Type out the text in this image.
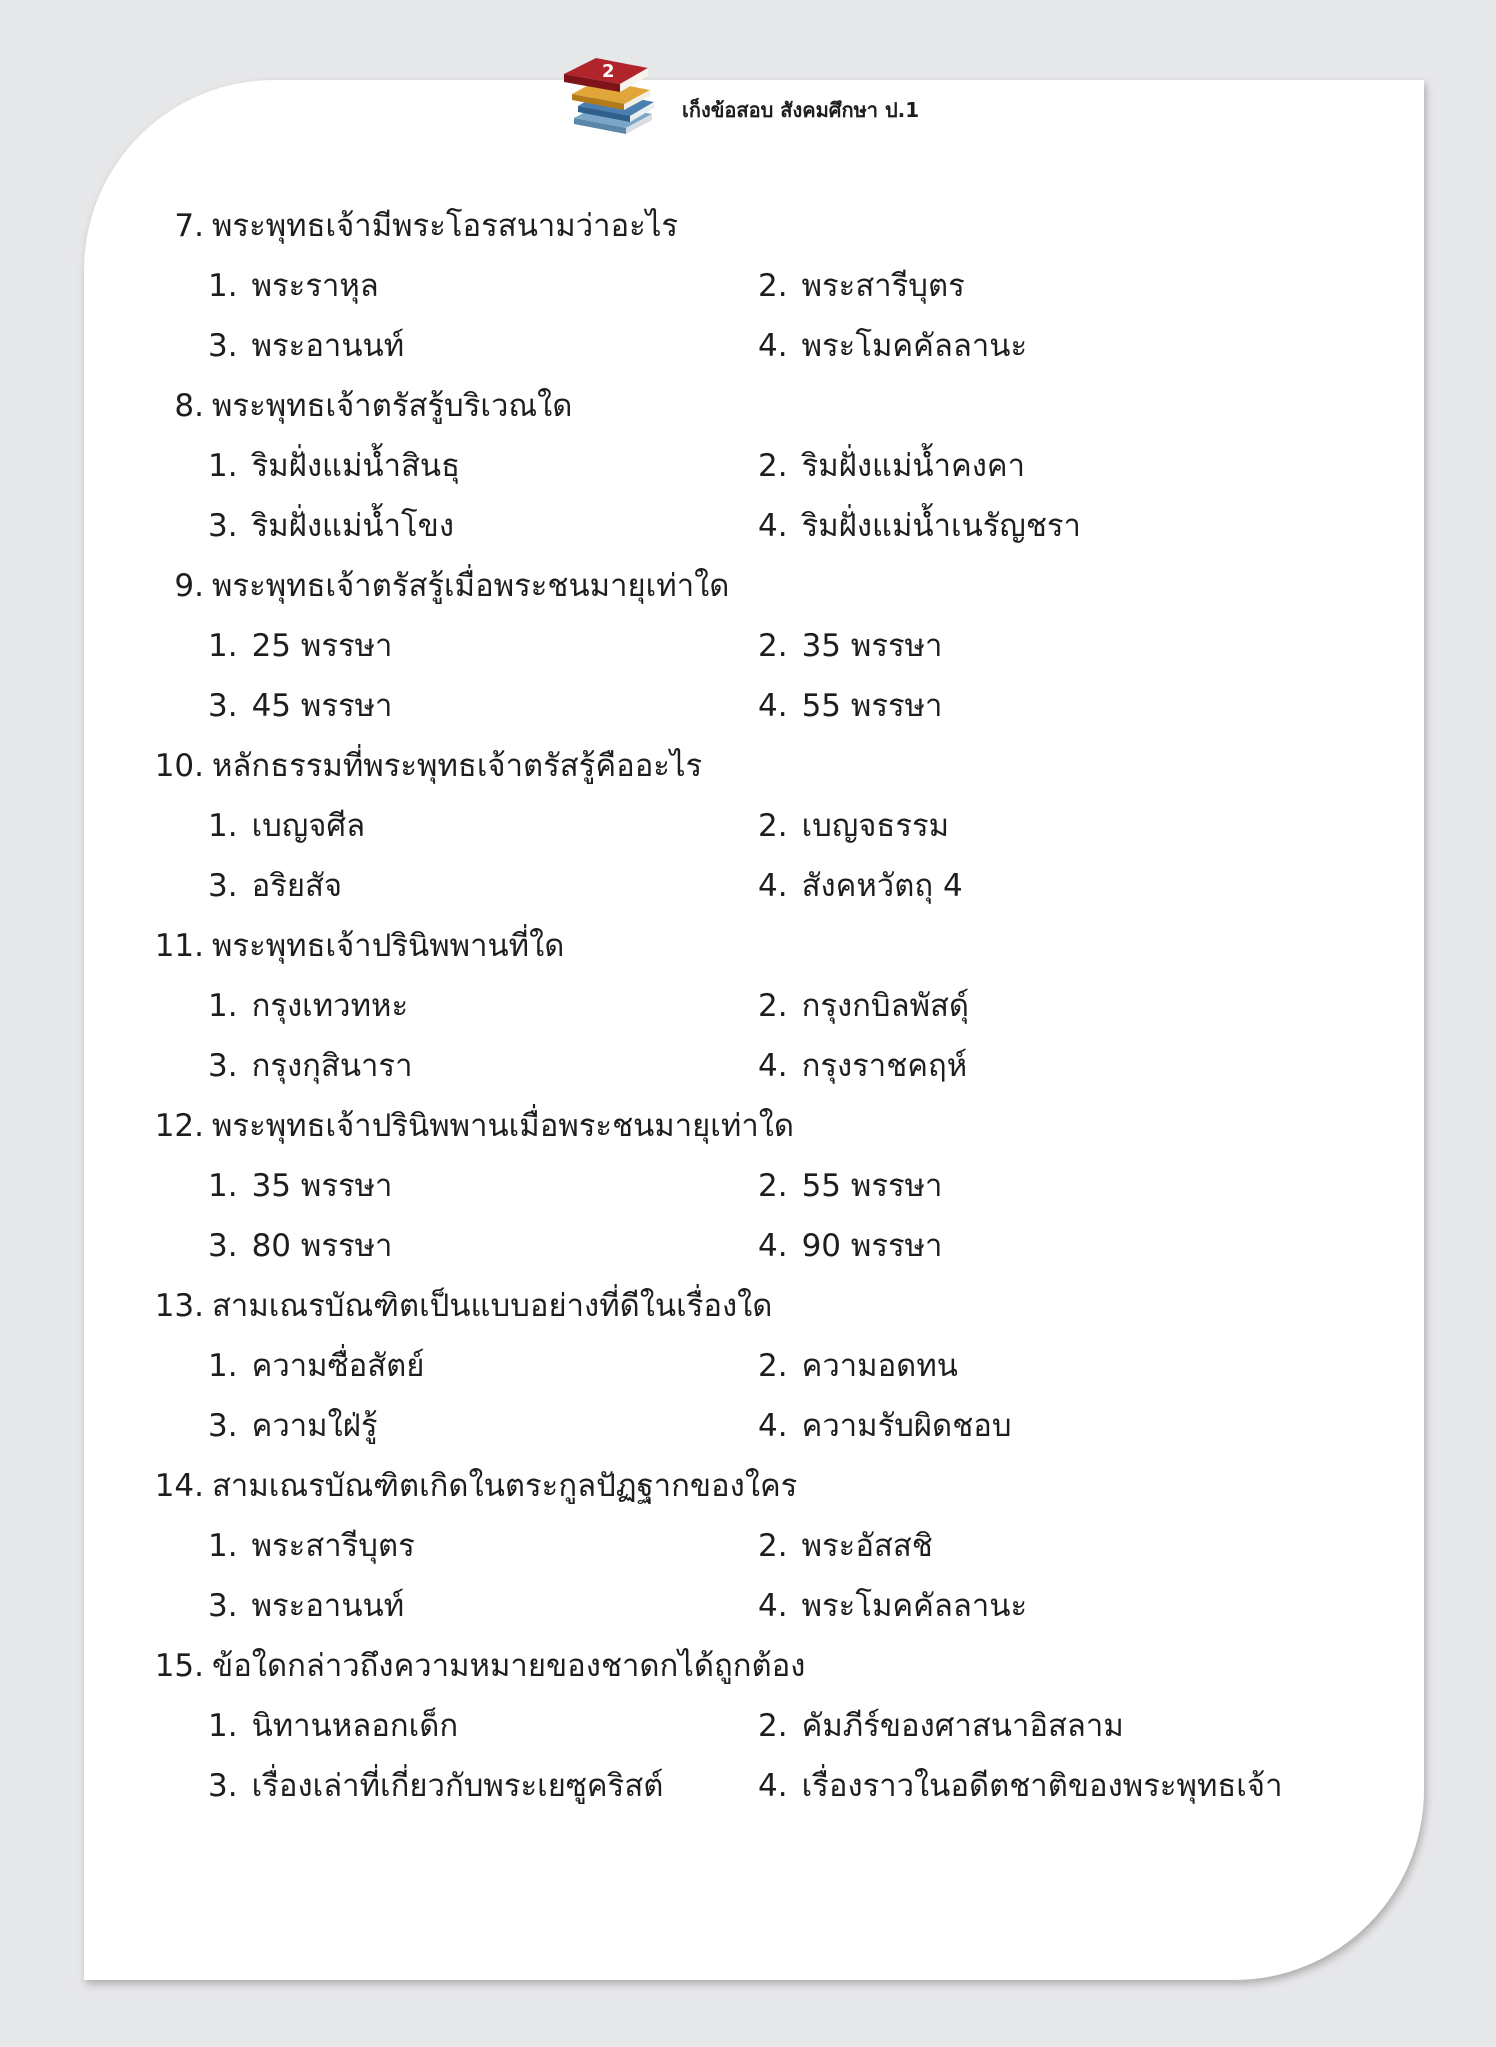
2
เก็งข้อสอบ สังคมศึกษา ป.1
7. พระพุทธเจ้ามีพระโอรสนามว่าอะไร
1. พระราหุล	2. พระสารีบุตร
3. พระอานนท์	4. พระโมคคัลลานะ
8. พระพุทธเจ้าตรัสรู้บริเวณใด
1. ริมฝั่งแม่น้ำสินธุ	2. ริมฝั่งแม่น้ำคงคา
3. ริมฝั่งแม่น้ำโขง	4. ริมฝั่งแม่น้ำเนรัญชรา
9. พระพุทธเจ้าตรัสรู้เมื่อพระชนมายุเท่าใด
1. 25 พรรษา	2. 35 พรรษา
3. 45 พรรษา	4. 55 พรรษา
10. หลักธรรมที่พระพุทธเจ้าตรัสรู้คืออะไร
1. เบญจศีล	2. เบญจธรรม
3. อริยสัจ	4. สังคหวัตถุ 4
11. พระพุทธเจ้าปรินิพพานที่ใด
1. กรุงเทวทหะ	2. กรุงกบิลพัสดุ์
3. กรุงกุสินารา	4. กรุงราชคฤห์
12. พระพุทธเจ้าปรินิพพานเมื่อพระชนมายุเท่าใด
1. 35 พรรษา	2. 55 พรรษา
3. 80 พรรษา	4. 90 พรรษา
13. สามเณรบัณฑิตเป็นแบบอย่างที่ดีในเรื่องใด
1. ความซื่อสัตย์	2. ความอดทน
3. ความใฝ่รู้	4. ความรับผิดชอบ
14. สามเณรบัณฑิตเกิดในตระกูลปัฏฐากของใคร
1. พระสารีบุตร	2. พระอัสสชิ
3. พระอานนท์	4. พระโมคคัลลานะ
15. ข้อใดกล่าวถึงความหมายของชาดกได้ถูกต้อง
1. นิทานหลอกเด็ก	2. คัมภีร์ของศาสนาอิสลาม
3. เรื่องเล่าที่เกี่ยวกับพระเยซูคริสต์	4. เรื่องราวในอดีตชาติของพระพุทธเจ้า
